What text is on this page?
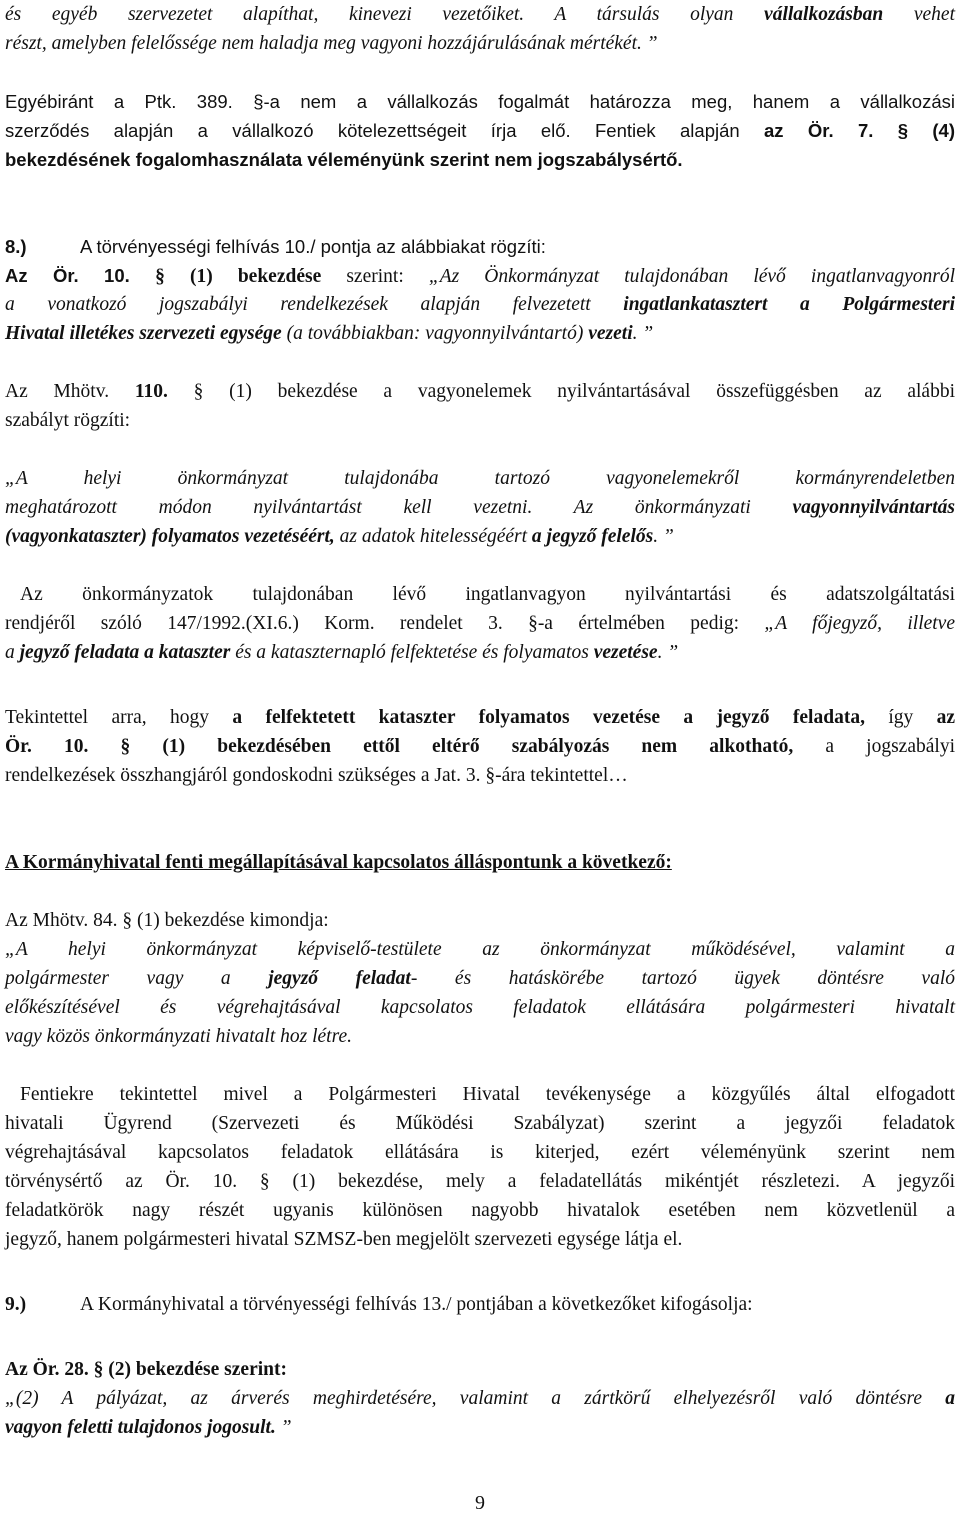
és egyéb szervezetet alapíthat, kinevezi vezetőiket. A társulás olyan vállalkozásban vehet
részt, amelyben felelőssége nem haladja meg vagyoni hozzájárulásának mértékét. ”
Egyébiránt a Ptk. 389. §-a nem a vállalkozás fogalmát határozza meg, hanem a vállalkozási
szerződés alapján a vállalkozó kötelezettségeit írja elő. Fentiek alapján az Ör. 7. § (4)
bekezdésének fogalomhasználata véleményünk szerint nem jogszabálysértő.
8.)	A törvényességi felhívás 10./ pontja az alábbiakat rögzíti:
Az Ör. 10. § (1) bekezdése szerint: „Az Önkormányzat tulajdonában lévő ingatlanvagyonról
a vonatkozó jogszabályi rendelkezések alapján felvezetett ingatlankatasztert a Polgármesteri
Hivatal illetékes szervezeti egysége (a továbbiakban: vagyonnyilvántartó) vezeti. ”
Az Mhötv. 110. § (1) bekezdése a vagyonelemek nyilvántartásával összefüggésben az alábbi
szabályt rögzíti:
„A helyi önkormányzat tulajdonába tartozó vagyonelemekről kormányrendeletben
meghatározott módon nyilvántartást kell vezetni. Az önkormányzati vagyonnyilvántartás
(vagyonkataszter) folyamatos vezetéséért, az adatok hitelességéért a jegyző felelős. ”
Az önkormányzatok tulajdonában lévő ingatlanvagyon nyilvántartási és adatszolgáltatási
rendjéről szóló 147/1992.(XI.6.) Korm. rendelet 3. §-a értelmében pedig: „A főjegyző, illetve
a jegyző feladata a kataszter és a kataszternapló felfektetése és folyamatos vezetése. ”
Tekintettel arra, hogy a felfektetett kataszter folyamatos vezetése a jegyző feladata, így az
Ör. 10. § (1) bekezdésében ettől eltérő szabályozás nem alkotható, a jogszabályi
rendelkezések összhangjáról gondoskodni szükséges a Jat. 3. §-ára tekintettel…
A Kormányhivatal fenti megállapításával kapcsolatos álláspontunk a következő:
Az Mhötv. 84. § (1) bekezdése kimondja:
„A helyi önkormányzat képviselő-testülete az önkormányzat működésével, valamint a
polgármester vagy a jegyző feladat- és hatáskörébe tartozó ügyek döntésre való
előkészítésével és végrehajtásával kapcsolatos feladatok ellátására polgármesteri hivatalt
vagy közös önkormányzati hivatalt hoz létre.
Fentiekre tekintettel mivel a Polgármesteri Hivatal tevékenysége a közgyűlés által elfogadott
hivatali Ügyrend (Szervezeti és Működési Szabályzat) szerint a jegyzői feladatok
végrehajtásával kapcsolatos feladatok ellátására is kiterjed, ezért véleményünk szerint nem
törvénysértő az Ör. 10. § (1) bekezdése, mely a feladatellátás mikéntjét részletezi. A jegyzői
feladatkörök nagy részét ugyanis különösen nagyobb hivatalok esetében nem közvetlenül a
jegyző, hanem polgármesteri hivatal SZMSZ-ben megjelölt szervezeti egysége látja el.
9.)	A Kormányhivatal a törvényességi felhívás 13./ pontjában a következőket kifogásolja:
Az Ör. 28. § (2) bekezdése szerint:
„(2) A pályázat, az árverés meghirdetésére, valamint a zártkörű elhelyezésről való döntésre a
vagyon feletti tulajdonos jogosult. ”
9
